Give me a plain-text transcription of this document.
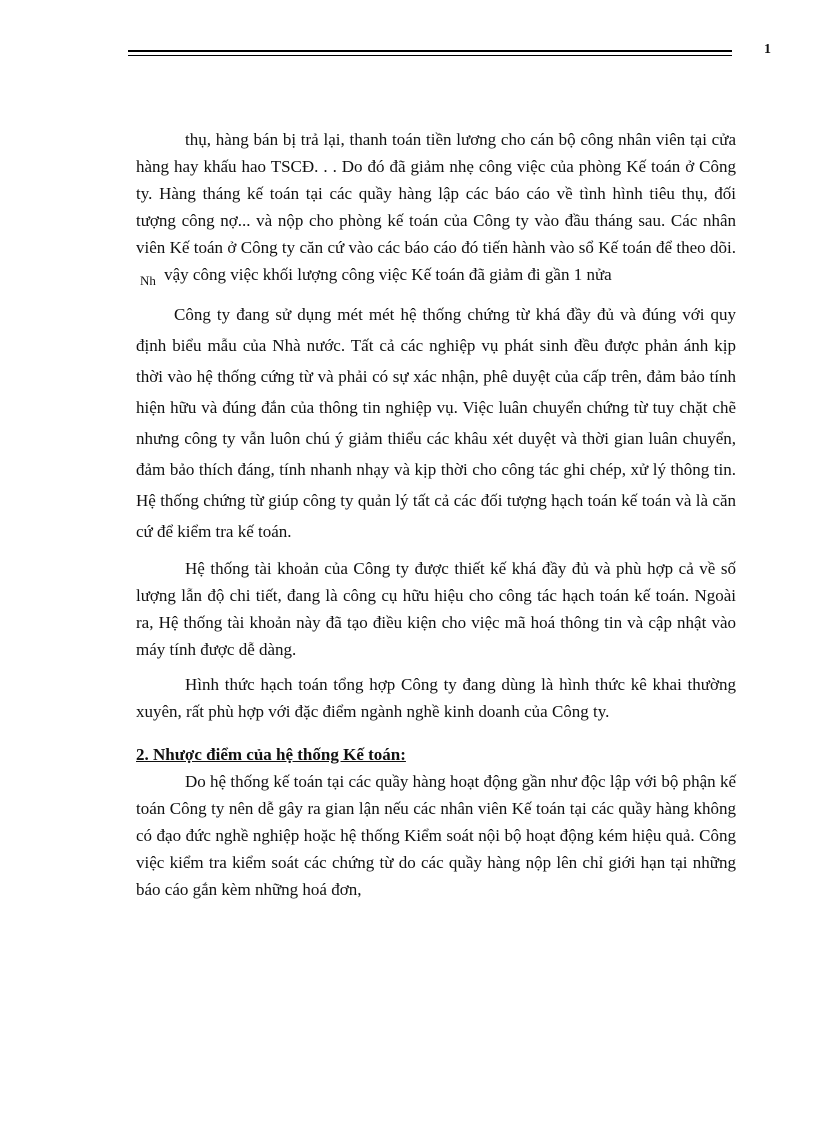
1

thụ, hàng bán bị trả lại, thanh toán tiền lương cho cán bộ công nhân viên tại cửa hàng hay khấu hao TSCĐ. . . Do đó đã giảm nhẹ công việc của phòng Kế toán ở Công ty. Hàng tháng kế toán tại các quầy hàng lập các báo cáo về tình hình tiêu thụ, đối tượng công nợ... và nộp cho phòng kế toán của Công ty vào đầu tháng sau. Các nhân viên Kế toán ở Công ty căn cứ vào các báo cáo đó tiến hành vào sổ Kế toán để theo dõi. $_{Nh}$ vậy công việc khối lượng công việc Kế toán đã giảm đi gần 1 nửa

Công ty đang sử dụng mét mét hệ thống chứng từ khá đầy đủ và đúng với quy định biểu mẫu của Nhà nước. Tất cả các nghiệp vụ phát sinh đều được phản ánh kịp thời vào hệ thống cứng từ và phải có sự xác nhận, phê duyệt của cấp trên, đảm bảo tính hiện hữu và đúng đắn của thông tin nghiệp vụ. Việc luân chuyển chứng từ tuy chặt chẽ nhưng công ty vẫn luôn chú ý giảm thiểu các khâu xét duyệt và thời gian luân chuyển, đảm bảo thích đáng, tính nhanh nhạy và kịp thời cho công tác ghi chép, xử lý thông tin. Hệ thống chứng từ giúp công ty quản lý tất cả các đối tượng hạch toán kế toán và là căn cứ để kiểm tra kế toán.

Hệ thống tài khoản của Công ty được thiết kế khá đầy đủ và phù hợp cả về số lượng lẫn độ chi tiết, đang là công cụ hữu hiệu cho công tác hạch toán kế toán. Ngoài ra, Hệ thống tài khoản này đã tạo điều kiện cho việc mã hoá thông tin và cập nhật vào máy tính được dễ dàng.

Hình thức hạch toán tổng hợp Công ty đang dùng là hình thức kê khai thường xuyên, rất phù hợp với đặc điểm ngành nghề kinh doanh của Công ty.

2. Nhược điểm của hệ thống Kế toán:

Do hệ thống kế toán tại các quầy hàng hoạt động gần như độc lập với bộ phận kế toán Công ty nên dễ gây ra gian lận nếu các nhân viên Kế toán tại các quầy hàng không có đạo đức nghề nghiệp hoặc hệ thống Kiểm soát nội bộ hoạt động kém hiệu quả. Công việc kiểm tra kiểm soát các chứng từ do các quầy hàng nộp lên chỉ giới hạn tại những báo cáo gắn kèm những hoá đơn,
